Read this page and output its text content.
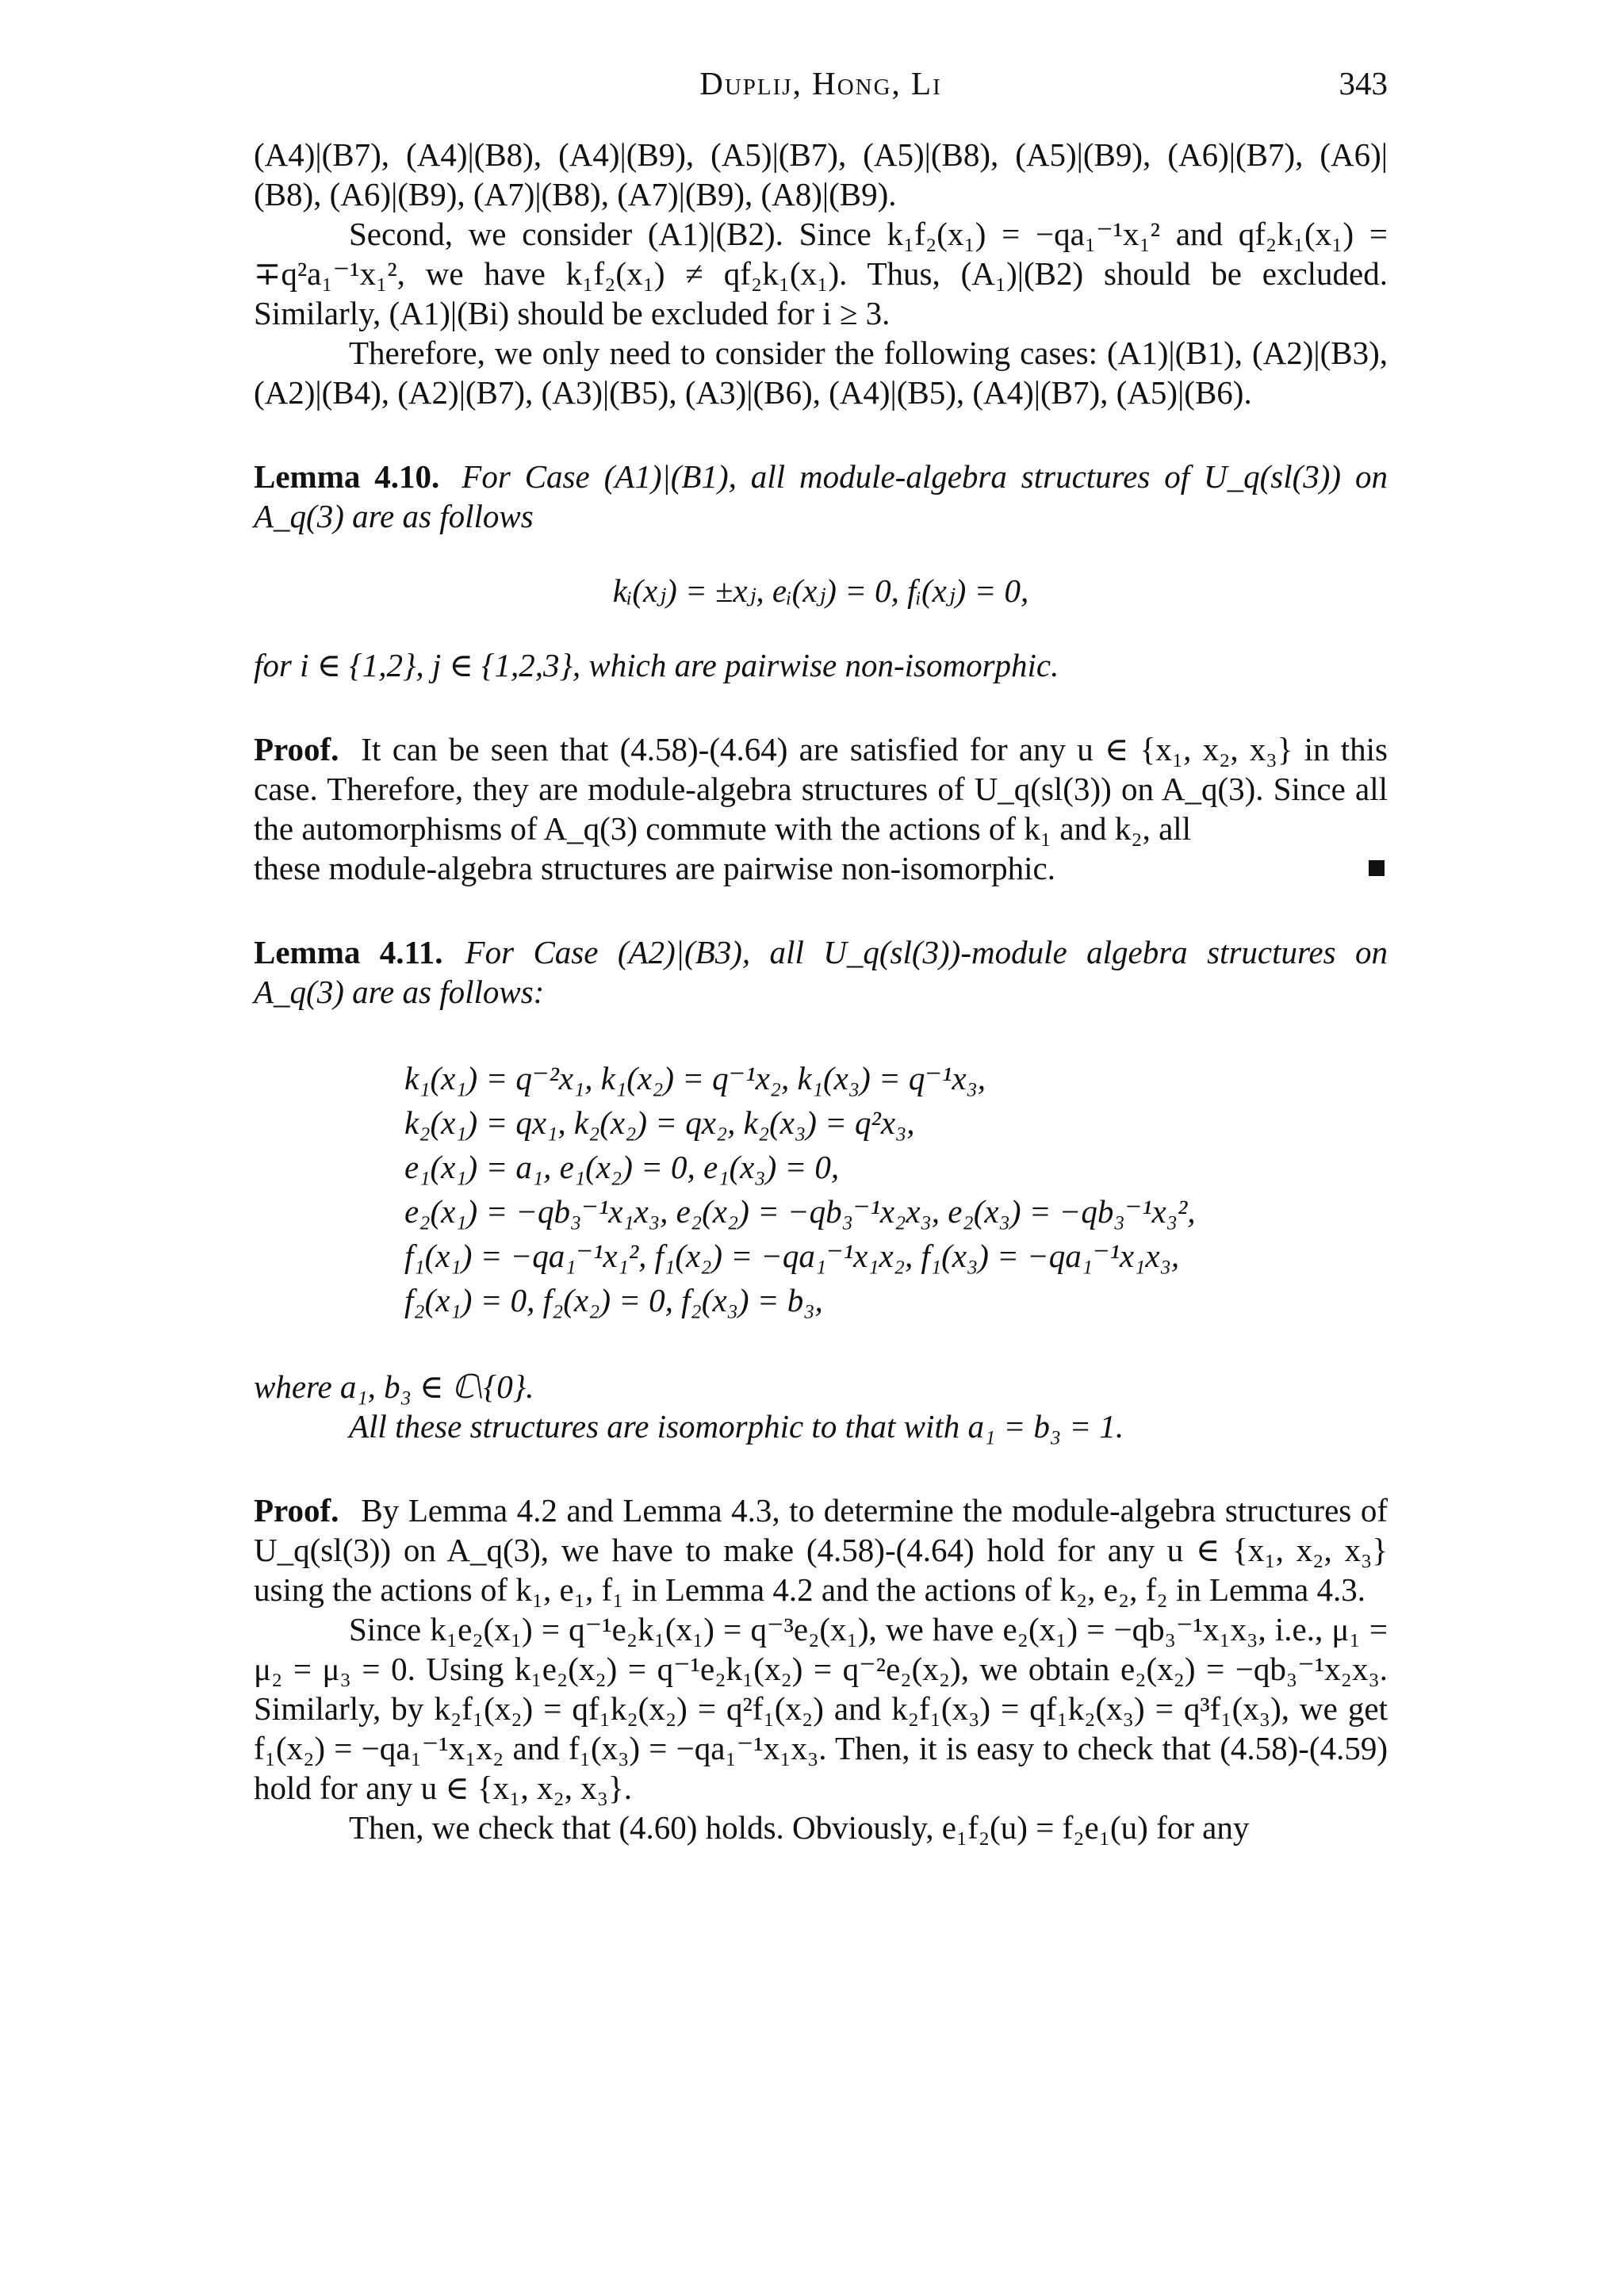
Duplij, Hong, Li	343

(A4)|(B7), (A4)|(B8), (A4)|(B9), (A5)|(B7), (A5)|(B8), (A5)|(B9), (A6)|(B7), (A6)|(B8), (A6)|(B9), (A7)|(B8), (A7)|(B9), (A8)|(B9).

Second, we consider (A1)|(B2). Since k₁f₂(x₁) = −qa₁⁻¹x₁² and qf₂k₁(x₁) = ∓q²a₁⁻¹x₁², we have k₁f₂(x₁) ≠ qf₂k₁(x₁). Thus, (A₁)|(B2) should be excluded. Similarly, (A1)|(Bi) should be excluded for i ≥ 3.

Therefore, we only need to consider the following cases: (A1)|(B1), (A2)|(B3), (A2)|(B4), (A2)|(B7), (A3)|(B5), (A3)|(B6), (A4)|(B5), (A4)|(B7), (A5)|(B6).

Lemma 4.10. For Case (A1)|(B1), all module-algebra structures of U_q(sl(3)) on A_q(3) are as follows

kᵢ(xⱼ) = ±xⱼ, eᵢ(xⱼ) = 0, fᵢ(xⱼ) = 0,

for i ∈ {1,2}, j ∈ {1,2,3}, which are pairwise non-isomorphic.

Proof. It can be seen that (4.58)-(4.64) are satisfied for any u ∈ {x₁, x₂, x₃} in this case. Therefore, they are module-algebra structures of U_q(sl(3)) on A_q(3). Since all the automorphisms of A_q(3) commute with the actions of k₁ and k₂, all

these module-algebra structures are pairwise non-isomorphic.

Lemma 4.11. For Case (A2)|(B3), all U_q(sl(3))-module algebra structures on A_q(3) are as follows:

k₁(x₁) = q⁻²x₁, k₁(x₂) = q⁻¹x₂, k₁(x₃) = q⁻¹x₃,
k₂(x₁) = qx₁, k₂(x₂) = qx₂, k₂(x₃) = q²x₃,
e₁(x₁) = a₁, e₁(x₂) = 0, e₁(x₃) = 0,
e₂(x₁) = −qb₃⁻¹x₁x₃, e₂(x₂) = −qb₃⁻¹x₂x₃, e₂(x₃) = −qb₃⁻¹x₃²,
f₁(x₁) = −qa₁⁻¹x₁², f₁(x₂) = −qa₁⁻¹x₁x₂, f₁(x₃) = −qa₁⁻¹x₁x₃,
f₂(x₁) = 0, f₂(x₂) = 0, f₂(x₃) = b₃,

where a₁, b₃ ∈ ℂ\{0}.

All these structures are isomorphic to that with a₁ = b₃ = 1.

Proof. By Lemma 4.2 and Lemma 4.3, to determine the module-algebra structures of U_q(sl(3)) on A_q(3), we have to make (4.58)-(4.64) hold for any u ∈ {x₁, x₂, x₃} using the actions of k₁, e₁, f₁ in Lemma 4.2 and the actions of k₂, e₂, f₂ in Lemma 4.3.

Since k₁e₂(x₁) = q⁻¹e₂k₁(x₁) = q⁻³e₂(x₁), we have e₂(x₁) = −qb₃⁻¹x₁x₃, i.e., μ₁ = μ₂ = μ₃ = 0. Using k₁e₂(x₂) = q⁻¹e₂k₁(x₂) = q⁻²e₂(x₂), we obtain e₂(x₂) = −qb₃⁻¹x₂x₃. Similarly, by k₂f₁(x₂) = qf₁k₂(x₂) = q²f₁(x₂) and k₂f₁(x₃) = qf₁k₂(x₃) = q³f₁(x₃), we get f₁(x₂) = −qa₁⁻¹x₁x₂ and f₁(x₃) = −qa₁⁻¹x₁x₃. Then, it is easy to check that (4.58)-(4.59) hold for any u ∈ {x₁, x₂, x₃}.

Then, we check that (4.60) holds. Obviously, e₁f₂(u) = f₂e₁(u) for any
